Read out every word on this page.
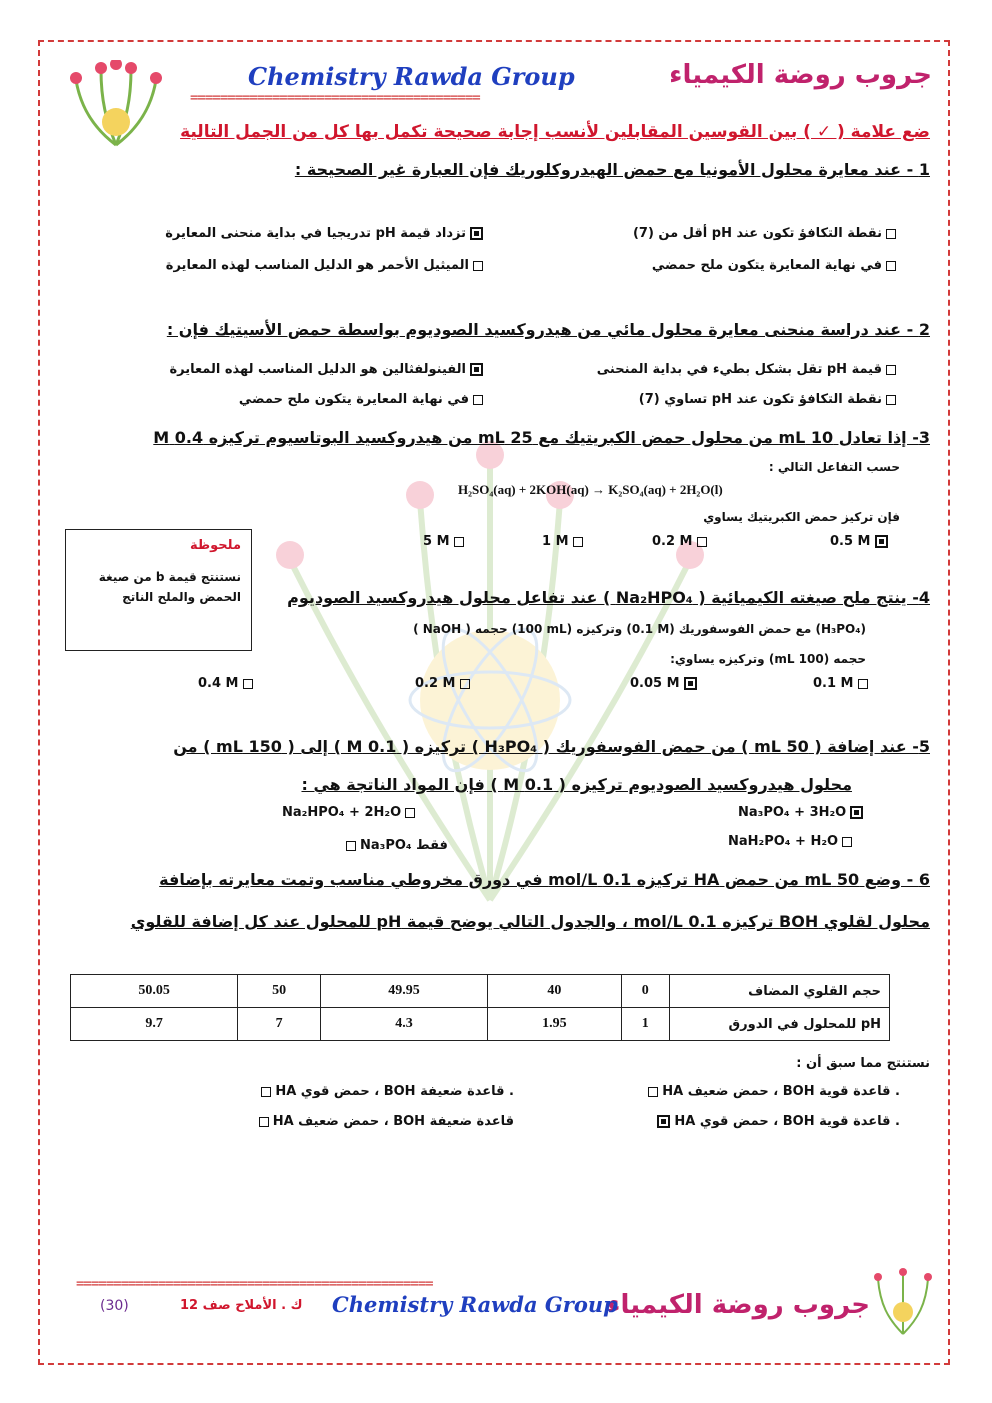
جروب روضة الكيمياء
Chemistry Rawda Group
=======================================
ضع علامة ( ✓ ) بين القوسين المقابلين لأنسب إجابة صحيحة تكمل بها كل من الجمل التالية
1 - عند معايرة محلول الأمونيا مع حمض الهيدروكلوريك فإن العبارة غير الصحيحة :
نقطة التكافؤ تكون عند pH أقل من (7)
تزداد قيمة pH تدريجيا في بداية منحنى المعايرة
في نهاية المعايرة يتكون ملح حمضي
الميثيل الأحمر هو الدليل المناسب لهذه المعايرة
2 - عند دراسة منحنى معايرة محلول مائي من هيدروكسيد الصوديوم بواسطة حمض الأسيتيك فإن :
قيمة pH تقل بشكل بطيء في بداية المنحنى
الفينولفثالين هو الدليل المناسب لهذه المعايرة
نقطة التكافؤ تكون عند pH تساوي (7)
في نهاية المعايرة يتكون ملح حمضي
3- إذا تعادل 10 mL من محلول حمض الكبريتيك مع 25 mL من هيدروكسيد البوتاسيوم تركيزه 0.4 M
حسب التفاعل التالي :
H₂SO₄(aq) + 2KOH(aq) → K₂SO₄(aq) + 2H₂O(l)
فإن تركيز حمض الكبريتيك يساوي
0.5 M
0.2 M
1 M
5 M
ملحوظة
نستنتج قيمة b من صيغة الحمض والملح الناتج	4- ينتج ملح صيغته الكيميائية ( Na₂HPO₄ ) عند تفاعل محلول هيدروكسيد الصوديوم
( NaOH ) حجمه (100 mL) وتركيزه (0.1 M) مع حمض الفوسفوريك (H₃PO₄)
حجمه (100 mL) وتركيزه يساوي:
0.1 M
0.05 M
0.2 M
0.4 M
5- عند إضافة ( 50 mL ) من حمض الفوسفوريك ( H₃PO₄ ) تركيزه ( 0.1 M ) إلى ( 150 mL ) من
محلول هيدروكسيد الصوديوم تركيزه ( 0.1 M ) فإن المواد الناتجة هي :
Na₃PO₄ + 3H₂O
Na₂HPO₄ + 2H₂O
NaH₂PO₄ + H₂O
Na₃PO₄ فقط
6 - وضع 50 mL من حمض HA تركيزه 0.1 mol/L في دورق مخروطي مناسب وتمت معايرته بإضافة
محلول لقلوي BOH تركيزه 0.1 mol/L ، والجدول التالي يوضح قيمة pH للمحلول عند كل إضافة للقلوي
حجم القلوي المضاف	0	40	49.95	50	50.05
pH للمحلول في الدورق	1	1.95	4.3	7	9.7
نستنتج مما سبق أن :
HA حمض ضعيف ، BOH قاعدة قوية .
HA حمض قوي ، BOH قاعدة ضعيفة .
HA حمض قوي ، BOH قاعدة قوية .
HA حمض ضعيف ، BOH قاعدة ضعيفة
================================================
جروب روضة الكيمياء
Chemistry Rawda Group
ك . الأملاح صف 12
(30)
